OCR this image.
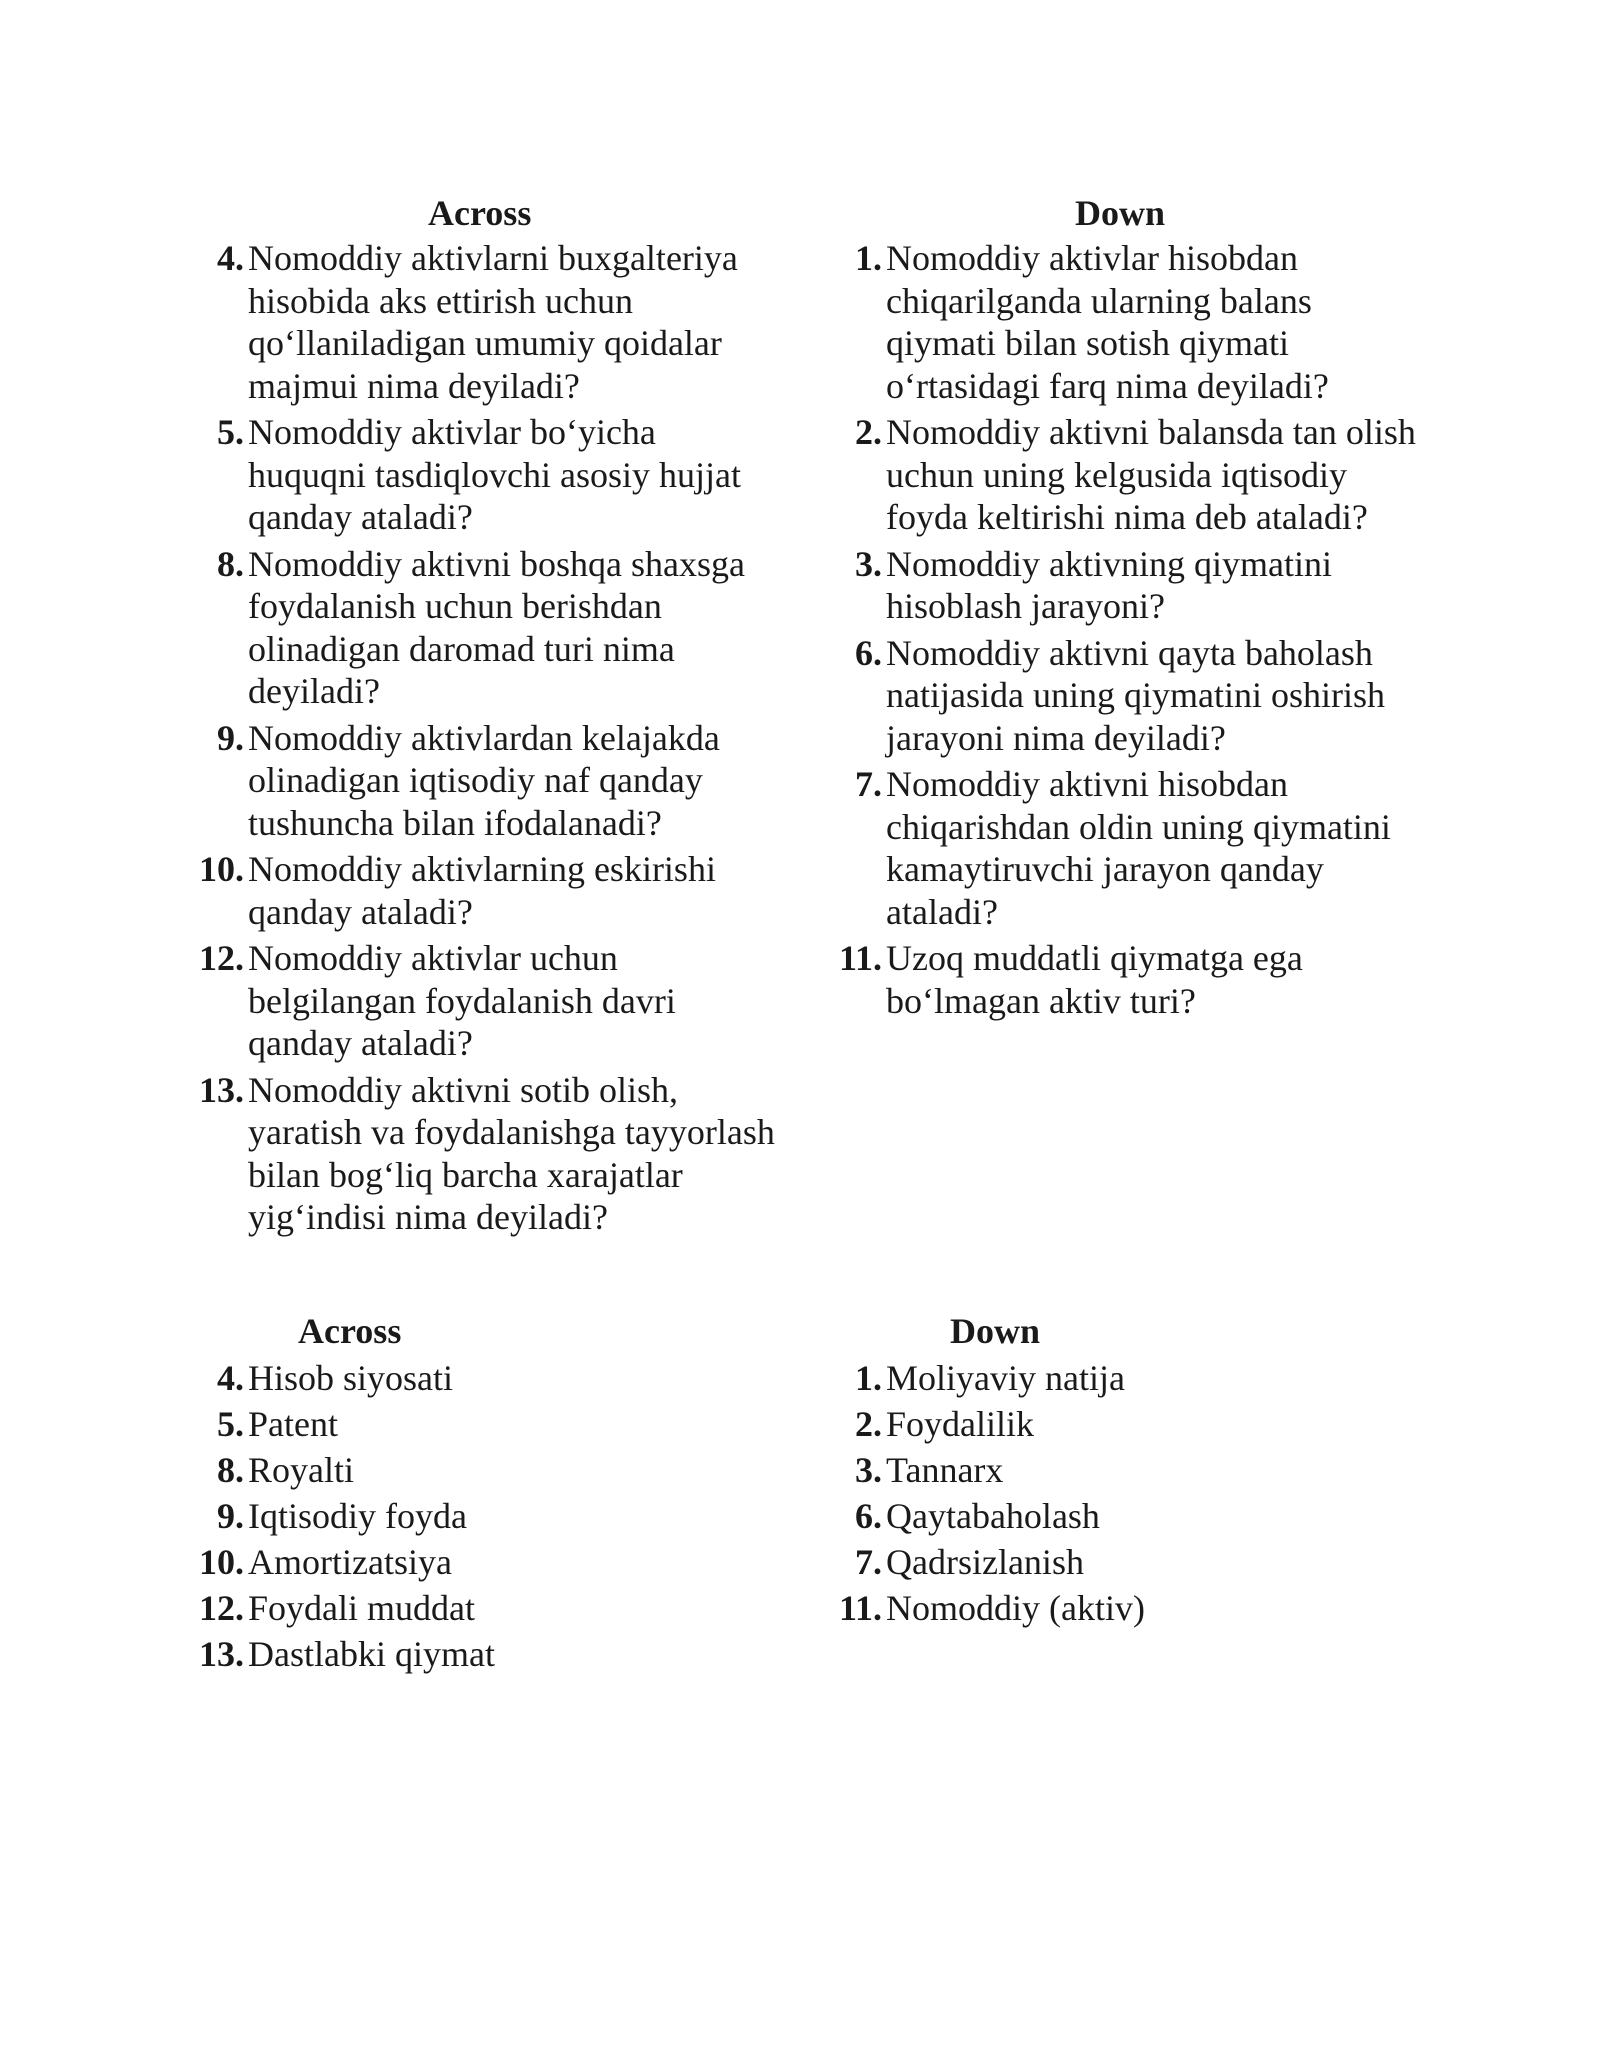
Across	Down
4. Nomoddiy aktivlarni buxgalteriya hisobida aks ettirish uchun qo‘llaniladigan umumiy qoidalar majmui nima deyiladi?
5. Nomoddiy aktivlar bo‘yicha huquqni tasdiqlovchi asosiy hujjat qanday ataladi?
8. Nomoddiy aktivni boshqa shaxsga foydalanish uchun berishdan olinadigan daromad turi nima deyiladi?
9. Nomoddiy aktivlardan kelajakda olinadigan iqtisodiy naf qanday tushuncha bilan ifodalanadi?
10. Nomoddiy aktivlarning eskirishi qanday ataladi?
12. Nomoddiy aktivlar uchun belgilangan foydalanish davri qanday ataladi?
13. Nomoddiy aktivni sotib olish, yaratish va foydalanishga tayyorlash bilan bog‘liq barcha xarajatlar yig‘indisi nima deyiladi?
1. Nomoddiy aktivlar hisobdan chiqarilganda ularning balans qiymati bilan sotish qiymati o‘rtasidagi farq nima deyiladi?
2. Nomoddiy aktivni balansda tan olish uchun uning kelgusida iqtisodiy foyda keltirishi nima deb ataladi?
3. Nomoddiy aktivning qiymatini hisoblash jarayoni?
6. Nomoddiy aktivni qayta baholash natijasida uning qiymatini oshirish jarayoni nima deyiladi?
7. Nomoddiy aktivni hisobdan chiqarishdan oldin uning qiymatini kamaytiruvchi jarayon qanday ataladi?
11. Uzoq muddatli qiymatga ega bo‘lmagan aktiv turi?
Across	Down
4. Hisob siyosati
5. Patent
8. Royalti
9. Iqtisodiy foyda
10. Amortizatsiya
12. Foydali muddat
13. Dastlabki qiymat
1. Moliyaviy natija
2. Foydalilik
3. Tannarx
6. Qaytabaholash
7. Qadrsizlanish
11. Nomoddiy (aktiv)
